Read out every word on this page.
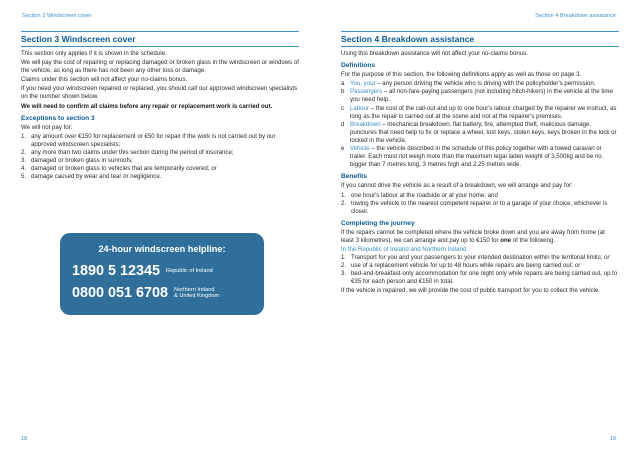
Section 3 Windscreen cover
Section 3 Windscreen cover

This section only applies if it is shown in the schedule.

We will pay the cost of repairing or replacing damaged or broken glass in the windscreen or windows of the vehicle, as long as there has not been any other loss or damage.

Claims under this section will not affect your no-claims bonus.

If you need your windscreen repaired or replaced, you should call our approved windscreen specialists on the number shown below.

We will need to confirm all claims before any repair or replacement work is carried out.

Exceptions to section 3

We will not pay for:

1. any amount over €150 for replacement or €50 for repair if the work is not carried out by our approved windscreen specialists;
2. any more than two claims under this section during the period of insurance;
3. damaged or broken glass in sunroofs;
4. damaged or broken glass to vehicles that are temporarily covered; or
5. damage caused by wear and tear or negligence.
24-hour windscreen helpline:
1890 5 12345 Republic of Ireland
0800 051 6708 Northern Ireland
& United Kingdom
18
Section 4 Breakdown assistance
Section 4 Breakdown assistance

Using this breakdown assistance will not affect your no-claims bonus.

Definitions

For the purpose of this section, the following definitions apply as well as those on page 3.

a You, your – any person driving the vehicle who is driving with the policyholder's permission.
b Passengers – all non-fare-paying passengers (not including hitch-hikers) in the vehicle at the time you need help.
c Labour – the cost of the call-out and up to one hour's labour charged by the repairer we instruct, as long as the repair is carried out at the scene and not at the repairer's premises.
d Breakdown – mechanical breakdown, flat battery, fire, attempted theft, malicious damage, punctures that need help to fix or replace a wheel, lost keys, stolen keys, keys broken in the lock or locked in the vehicle.
e Vehicle – the vehicle described in the schedule of this policy together with a towed caravan or trailer. Each must not weigh more than the maximum legal laden weight of 3,500kg and be no bigger than 7 metres long, 3 metres high and 2.25 metres wide.
Benefits

If you cannot drive the vehicle as a result of a breakdown, we will arrange and pay for:

1. one hour's labour at the roadside or at your home; and
2. towing the vehicle to the nearest competent repairer or to a garage of your choice, whichever is closer.
Completing the journey

If the repairs cannot be completed where the vehicle broke down and you are away from home (at least 3 kilometres), we can arrange and pay up to €150 for one of the following.

In the Republic of Ireland and Northern Ireland
1. Transport for you and your passengers to your intended destination within the territorial limits; or
2. use of a replacement vehicle for up to 48 hours while repairs are being carried out; or
3. bed-and-breakfast-only accommodation for one night only while repairs are being carried out, up to €35 for each person and €150 in total.

If the vehicle is repaired, we will provide the cost of public transport for you to collect the vehicle.

19
